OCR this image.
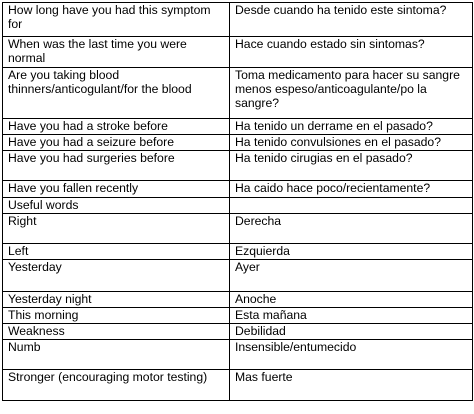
How long have you had this symptom for	Desde cuando ha tenido este sintoma?
When was the last time you were normal	Hace cuando estado sin sintomas?
Are you taking blood thinners/anticogulant/for the blood	Toma medicamento para hacer su sangre menos espeso/anticoagulante/po la sangre?
Have you had a stroke before	Ha tenido un derrame en el pasado?
Have you had a seizure before	Ha tenido convulsiones en el pasado?
Have you had surgeries before	Ha tenido cirugias en el pasado?
Have you fallen recently	Ha caido hace poco/recientamente?
Useful words	
Right	Derecha
Left	Ezquierda
Yesterday	Ayer
Yesterday night	Anoche
This morning	Esta mañana
Weakness	Debilidad
Numb	Insensible/entumecido
Stronger (encouraging motor testing)	Mas fuerte
